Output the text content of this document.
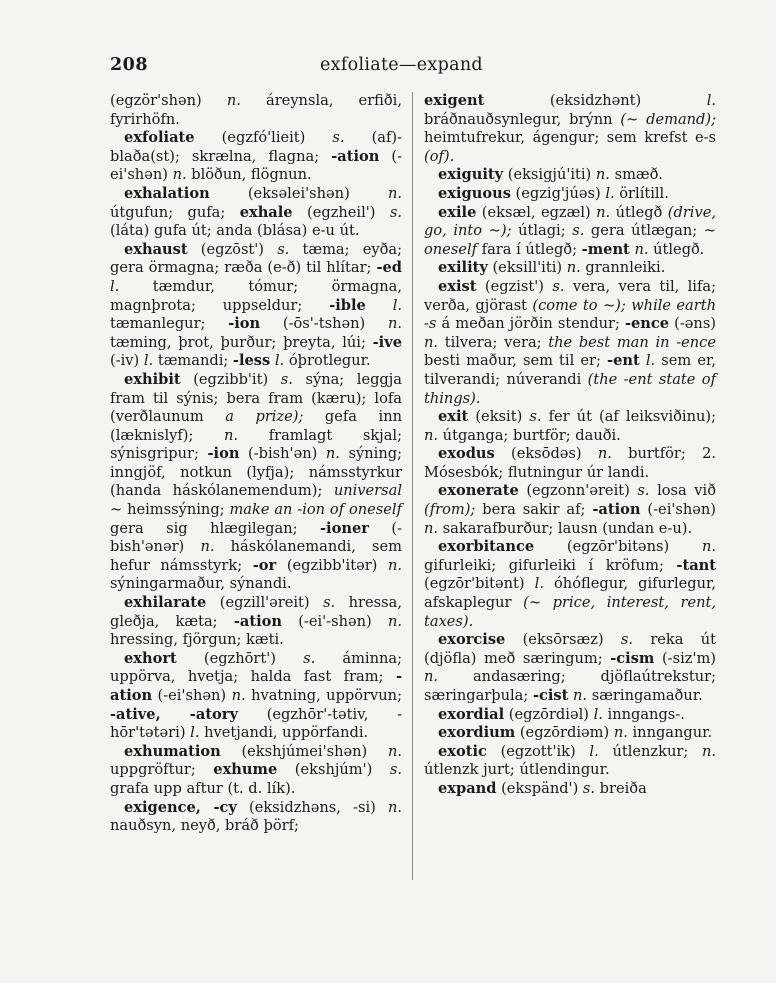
208	exfoliate—expand

(egzör'shən) n. áreynsla, erfiði, fyrirhöfn.

exfoliate (egzfó'lieit) s. (af)-blaða(st); skrælna, flagna; -ation (-ei'shən) n. blöðun, flögnun.

exhalation (eksəlei'shən) n. útgufun; gufa; exhale (egzheil') s. (láta) gufa út; anda (blása) e-u út.

exhaust (egzōst') s. tæma; eyða; gera örmagna; ræða (e-ð) til hlítar; -ed l. tæmdur, tómur; örmagna, magnþrota; uppseldur; -ible l. tæmanlegur; -ion (-ōs'-tshən) n. tæming, þrot, þurður; þreyta, lúi; -ive (-iv) l. tæmandi; -less l. óþrotlegur.

exhibit (egzibb'it) s. sýna; leggja fram til sýnis; bera fram (kæru); lofa (verðlaunum a prize); gefa inn (læknislyf); n. framlagt skjal; sýnisgripur; -ion (-bish'ən) n. sýning; inngjöf, notkun (lyfja); námsstyrkur (handa háskólanemendum); universal ~ heimssýning; make an -ion of oneself gera sig hlægilegan; -ioner (-bish'ənər) n. háskólanemandi, sem hefur námsstyrk; -or (egzibb'itər) n. sýningarmaður, sýnandi.

exhilarate (egzill'əreit) s. hressa, gleðja, kæta; -ation (-ei'-shən) n. hressing, fjörgun; kæti.

exhort (egzhōrt') s. áminna; uppörva, hvetja; halda fast fram; -ation (-ei'shən) n. hvatning, uppörvun; -ative, -atory (egzhōr'-tətiv, -hōr'tətəri) l. hvetjandi, uppörfandi.

exhumation (ekshjúmei'shən) n. uppgröftur; exhume (ekshjúm') s. grafa upp aftur (t. d. lík).

exigence, -cy (eksidzhəns, -si) n. nauðsyn, neyð, bráð þörf;

exigent (eksidzhənt) l. bráðnauðsynlegur, brýnn (~ demand); heimtufrekur, ágengur; sem krefst e-s (of).

exiguity (eksigjú'iti) n. smæð.

exiguous (egzig'júəs) l. örlítill.

exile (eksæl, egzæl) n. útlegð (drive, go, into ~); útlagi; s. gera útlægan; ~ oneself fara í útlegð; -ment n. útlegð.

exility (eksill'iti) n. grannleiki.

exist (egzist') s. vera, vera til, lifa; verða, gjörast (come to ~); while earth -s á meðan jörðin stendur; -ence (-əns) n. tilvera; vera; the best man in -ence besti maður, sem til er; -ent l. sem er, tilverandi; núverandi (the -ent state of things).

exit (eksit) s. fer út (af leiksviðinu); n. útganga; burtför; dauði.

exodus (eksōdəs) n. burtför; 2. Mósesbók; flutningur úr landi.

exonerate (egzonn'əreit) s. losa við (from); bera sakir af; -ation (-ei'shən) n. sakarafburður; lausn (undan e-u).

exorbitance (egzōr'bitəns) n. gifurleiki; gifurleiki í kröfum; -tant (egzōr'bitənt) l. óhóflegur, gifurlegur, afskaplegur (~ price, interest, rent, taxes).

exorcise (eksōrsæz) s. reka út (djöfla) með særingum; -cism (-siz'm) n. andasæring; djöflaútrekstur; særingarþula; -cist n. særingamaður.

exordial (egzōrdiəl) l. inngangs-.

exordium (egzōrdiəm) n. inngangur.

exotic (egzott'ik) l. útlenzkur; n. útlenzk jurt; útlendingur.

expand (ekspänd') s. breiða
